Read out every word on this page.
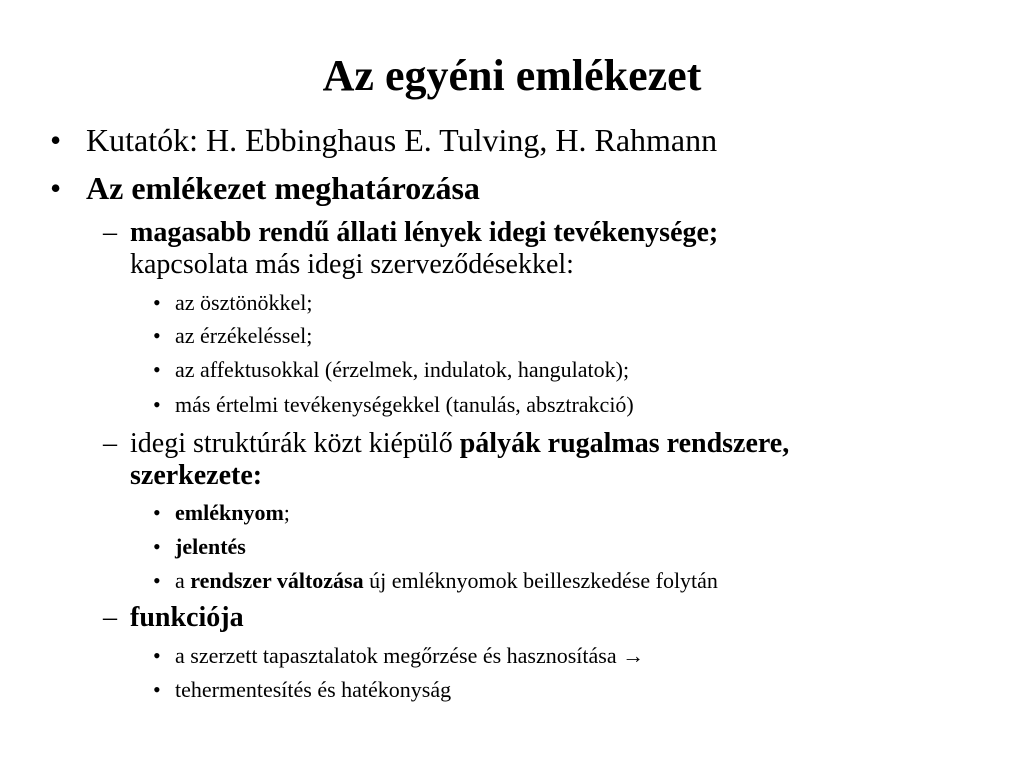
Az egyéni emlékezet
• Kutatók: H. Ebbinghaus E. Tulving, H. Rahmann
• Az emlékezet meghatározása
– magasabb rendű állati lények idegi tevékenysége;
kapcsolata más idegi szerveződésekkel:
• az ösztönökkel;
• az érzékeléssel;
• az affektusokkal (érzelmek, indulatok, hangulatok);
• más értelmi tevékenységekkel (tanulás, absztrakció)
– idegi struktúrák közt kiépülő pályák rugalmas rendszere,
szerkezete:
• emléknyom;
• jelentés
• a rendszer változása új emléknyomok beilleszkedése folytán
– funkciója
• a szerzett tapasztalatok megőrzése és hasznosítása →
• tehermentesítés és hatékonyság
